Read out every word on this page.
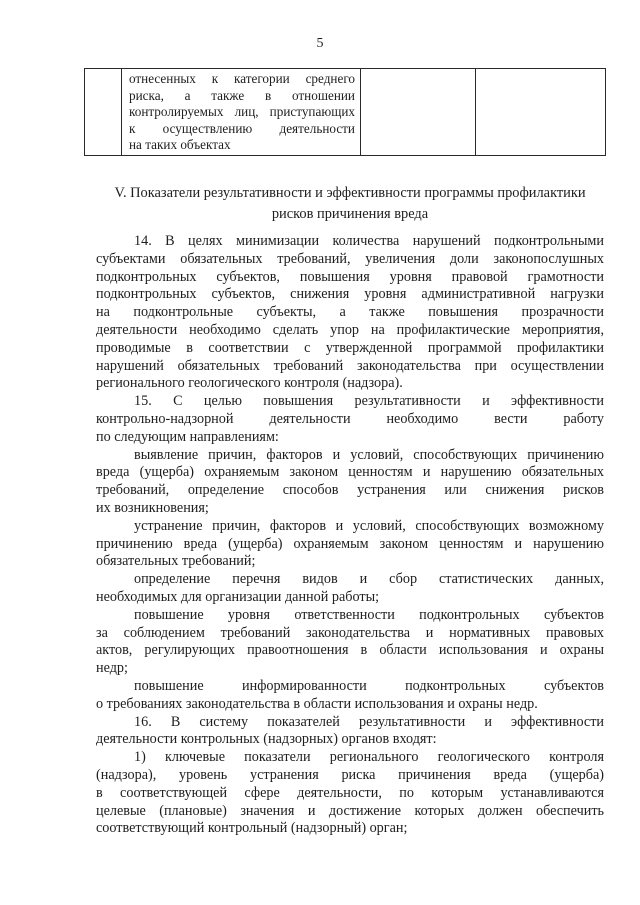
5
отнесенных к категории среднего
риска, а также в отношении
контролируемых лиц, приступающих
к осуществлению деятельности
на таких объектах
V. Показатели результативности и эффективности программы профилактики
рисков причинения вреда
14. В целях минимизации количества нарушений подконтрольными
субъектами обязательных требований, увеличения доли законопослушных
подконтрольных субъектов, повышения уровня правовой грамотности
подконтрольных субъектов, снижения уровня административной нагрузки
на подконтрольные субъекты, а также повышения прозрачности
деятельности необходимо сделать упор на профилактические мероприятия,
проводимые в соответствии с утвержденной программой профилактики
нарушений обязательных требований законодательства при осуществлении
регионального геологического контроля (надзора).
15. С целью повышения результативности и эффективности
контрольно-надзорной деятельности необходимо вести работу
по следующим направлениям:
выявление причин, факторов и условий, способствующих причинению
вреда (ущерба) охраняемым законом ценностям и нарушению обязательных
требований, определение способов устранения или снижения рисков
их возникновения;
устранение причин, факторов и условий, способствующих возможному
причинению вреда (ущерба) охраняемым законом ценностям и нарушению
обязательных требований;
определение перечня видов и сбор статистических данных,
необходимых для организации данной работы;
повышение уровня ответственности подконтрольных субъектов
за соблюдением требований законодательства и нормативных правовых
актов, регулирующих правоотношения в области использования и охраны
недр;
повышение информированности подконтрольных субъектов
о требованиях законодательства в области использования и охраны недр.
16. В систему показателей результативности и эффективности
деятельности контрольных (надзорных) органов входят:
1) ключевые показатели регионального геологического контроля
(надзора), уровень устранения риска причинения вреда (ущерба)
в соответствующей сфере деятельности, по которым устанавливаются
целевые (плановые) значения и достижение которых должен обеспечить
соответствующий контрольный (надзорный) орган;
